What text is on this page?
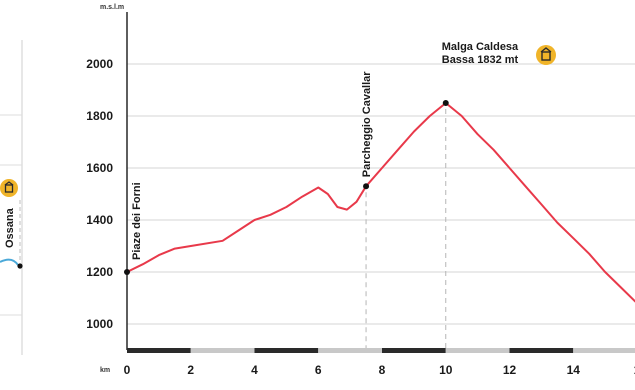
Ossana
m.s.l.m
1000
1200
1400
1600
1800
2000
km 0	2	4	6	8	10	12	14
Piaze dei Forni
Parcheggio Cavallar
Malga Caldesa
Bassa 1832 mt
